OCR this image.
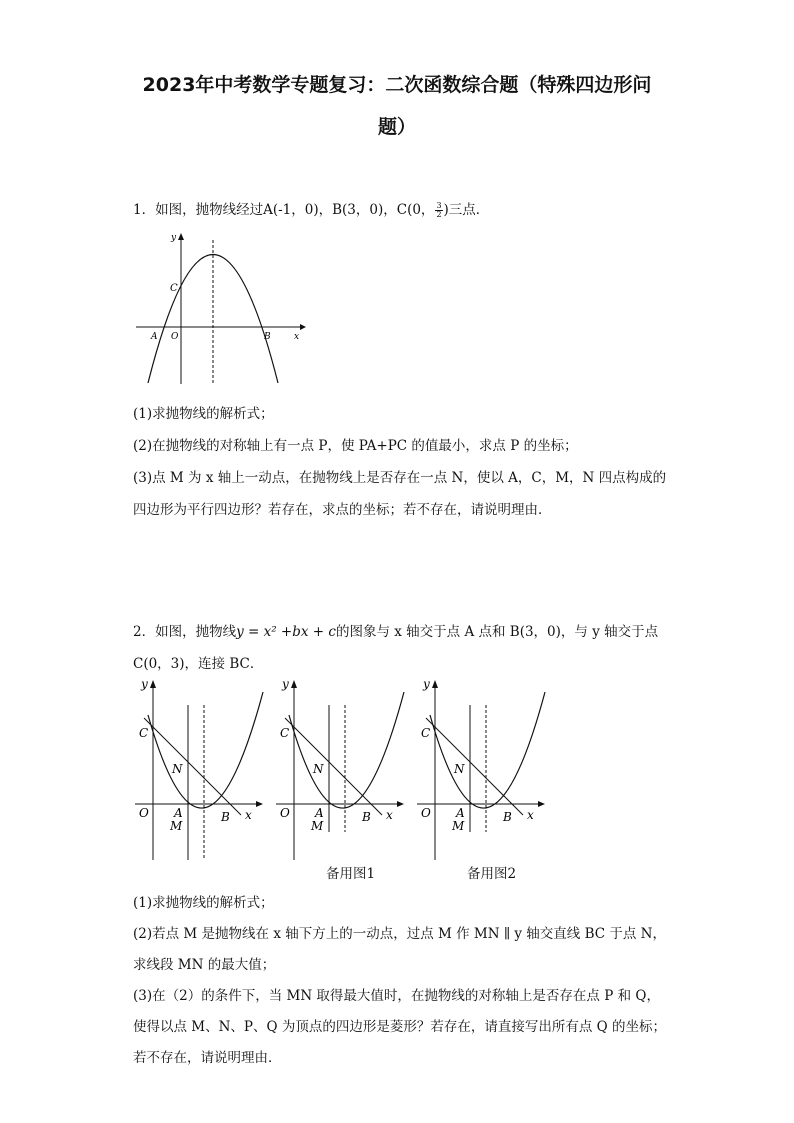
2023年中考数学专题复习：二次函数综合题（特殊四边形问
题）
1．如图，抛物线经过A(-1，0)，B(3，0)，C(0， $\frac{3}{2}$ )三点．
y
x
C
A O	B
(1)求抛物线的解析式；
(2)在抛物线的对称轴上有一点 P，使 PA+PC 的值最小，求点 P 的坐标；
(3)点 M 为 x 轴上一动点，在抛物线上是否存在一点 N，使以 A，C，M，N 四点构成的
四边形为平行四边形？若存在，求点的坐标；若不存在，请说明理由．
2．如图，抛物线y = x² +bx + c的图象与 x 轴交于点 A 点和 B(3，0)，与 y 轴交于点
C(0，3)，连接 BC．
y
C
N
O A
M
B x
y
C
N
O A
M
B x
y
C
N
O A
M
B x
备用图1	备用图2
(1)求抛物线的解析式；
(2)若点 M 是抛物线在 x 轴下方上的一动点，过点 M 作 MN ∥ y 轴交直线 BC 于点 N，
求线段 MN 的最大值；
(3)在（2）的条件下，当 MN 取得最大值时，在抛物线的对称轴上是否存在点 P 和 Q，
使得以点 M、N、P、Q 为顶点的四边形是菱形？若存在，请直接写出所有点 Q 的坐标；
若不存在，请说明理由．
